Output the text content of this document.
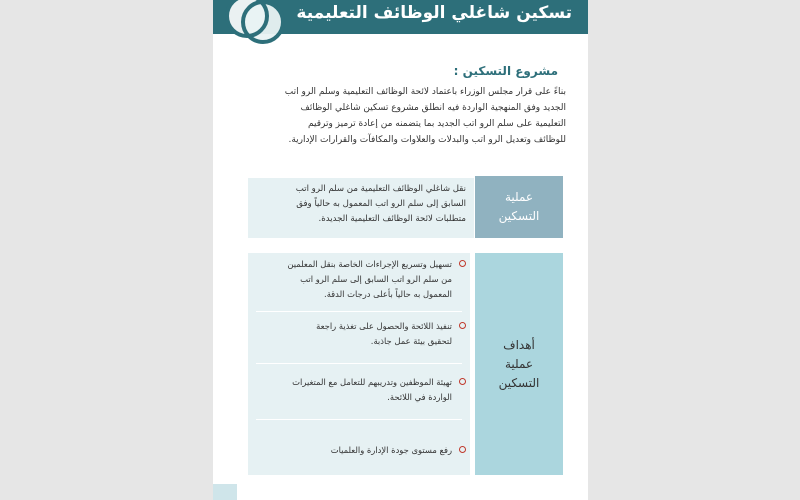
تسكين شاغلي الوظائف التعليمية
مشروع التسكين :
بناءً على قرار مجلس الوزراء باعتماد لائحة الوظائف التعليمية وسلم الرو اتب
الجديد وفق المنهجية الواردة فيه انطلق مشروع تسكين شاغلي الوظائف
التعليمية على سلم الرو اتب الجديد بما يتضمنه من إعادة ترميز وترقيم
للوظائف وتعديل الرو اتب والبدلات والعلاوات والمكافآت والقرارات الإدارية.
نقل شاغلي الوظائف التعليمية من سلم الرو اتب
السابق إلى سلم الرو اتب المعمول به حالياً وفق
متطلبات لائحة الوظائف التعليمية الجديدة.
عملية
التسكين
تسهيل وتسريع الإجراءات الخاصة بنقل المعلمين
من سلم الرو اتب السابق إلى سلم الرو اتب
المعمول به حالياً بأعلى درجات الدقة.
تنفيذ اللائحة والحصول على تغذية راجعة
لتحقيق بيئة عمل جاذبة.
تهيئة الموظفين وتدريبهم للتعامل مع المتغيرات
الواردة في اللائحة.
رفع مستوى جودة الإدارة والعلميات
أهداف
عملية
التسكين
